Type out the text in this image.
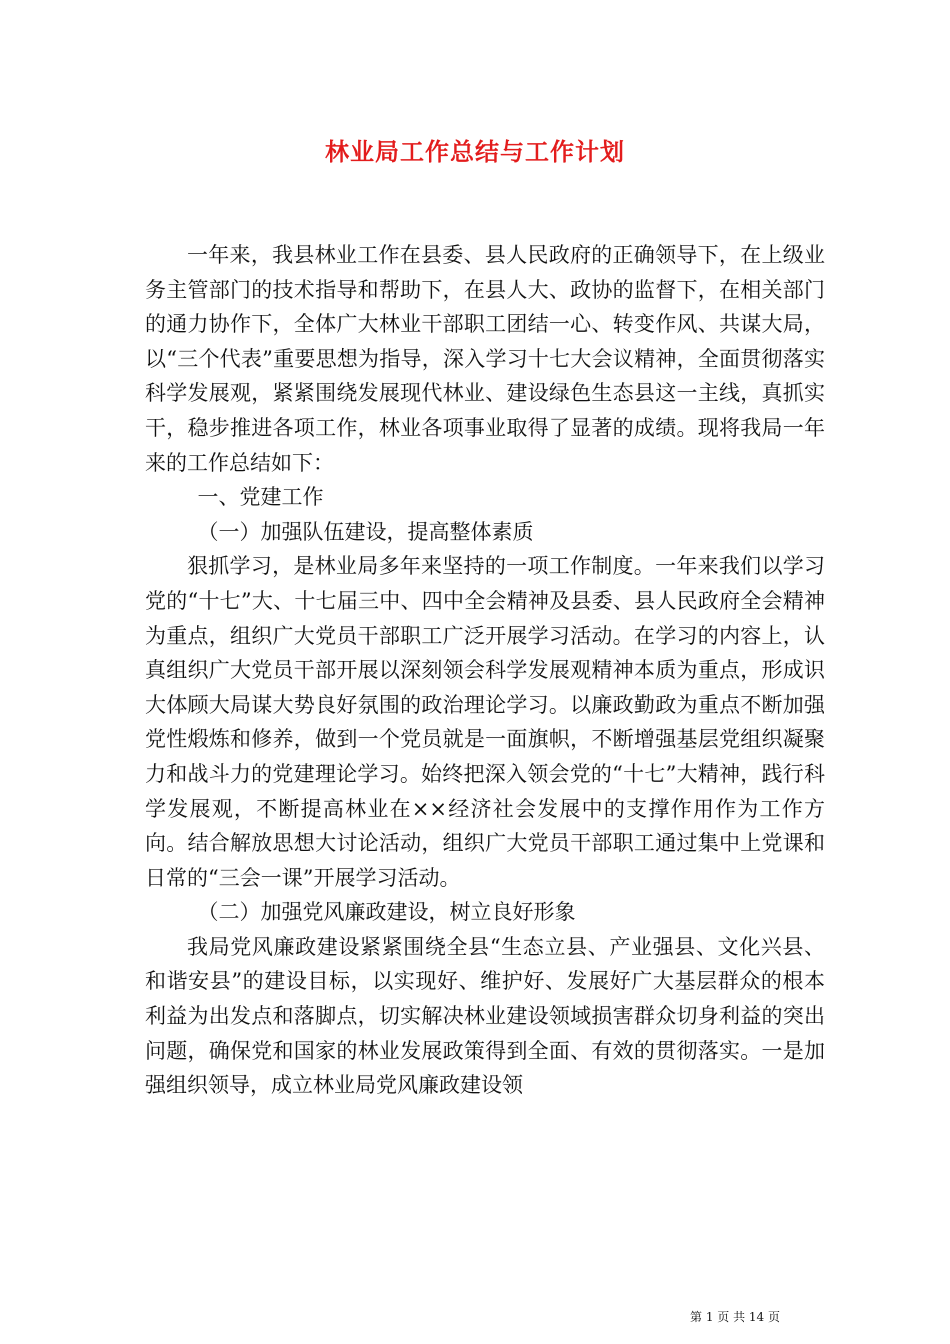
林业局工作总结与工作计划

一年来，我县林业工作在县委、县人民政府的正确领导下，在上级业务主管部门的技术指导和帮助下，在县人大、政协的监督下，在相关部门的通力协作下，全体广大林业干部职工团结一心、转变作风、共谋大局，以“三个代表”重要思想为指导，深入学习十七大会议精神，全面贯彻落实科学发展观，紧紧围绕发展现代林业、建设绿色生态县这一主线，真抓实干，稳步推进各项工作，林业各项事业取得了显著的成绩。现将我局一年来的工作总结如下：

一、党建工作

（一）加强队伍建设，提高整体素质

狠抓学习，是林业局多年来坚持的一项工作制度。一年来我们以学习党的“十七”大、十七届三中、四中全会精神及县委、县人民政府全会精神为重点，组织广大党员干部职工广泛开展学习活动。在学习的内容上，认真组织广大党员干部开展以深刻领会科学发展观精神本质为重点，形成识大体顾大局谋大势良好氛围的政治理论学习。以廉政勤政为重点不断加强党性煅炼和修养，做到一个党员就是一面旗帜，不断增强基层党组织凝聚力和战斗力的党建理论学习。始终把深入领会党的“十七”大精神，践行科学发展观，不断提高林业在××经济社会发展中的支撑作用作为工作方向。结合解放思想大讨论活动，组织广大党员干部职工通过集中上党课和日常的“三会一课”开展学习活动。

（二）加强党风廉政建设，树立良好形象

我局党风廉政建设紧紧围绕全县“生态立县、产业强县、文化兴县、和谐安县”的建设目标，以实现好、维护好、发展好广大基层群众的根本利益为出发点和落脚点，切实解决林业建设领域损害群众切身利益的突出问题，确保党和国家的林业发展政策得到全面、有效的贯彻落实。一是加强组织领导，成立林业局党风廉政建设领

第 1 页 共 14 页
